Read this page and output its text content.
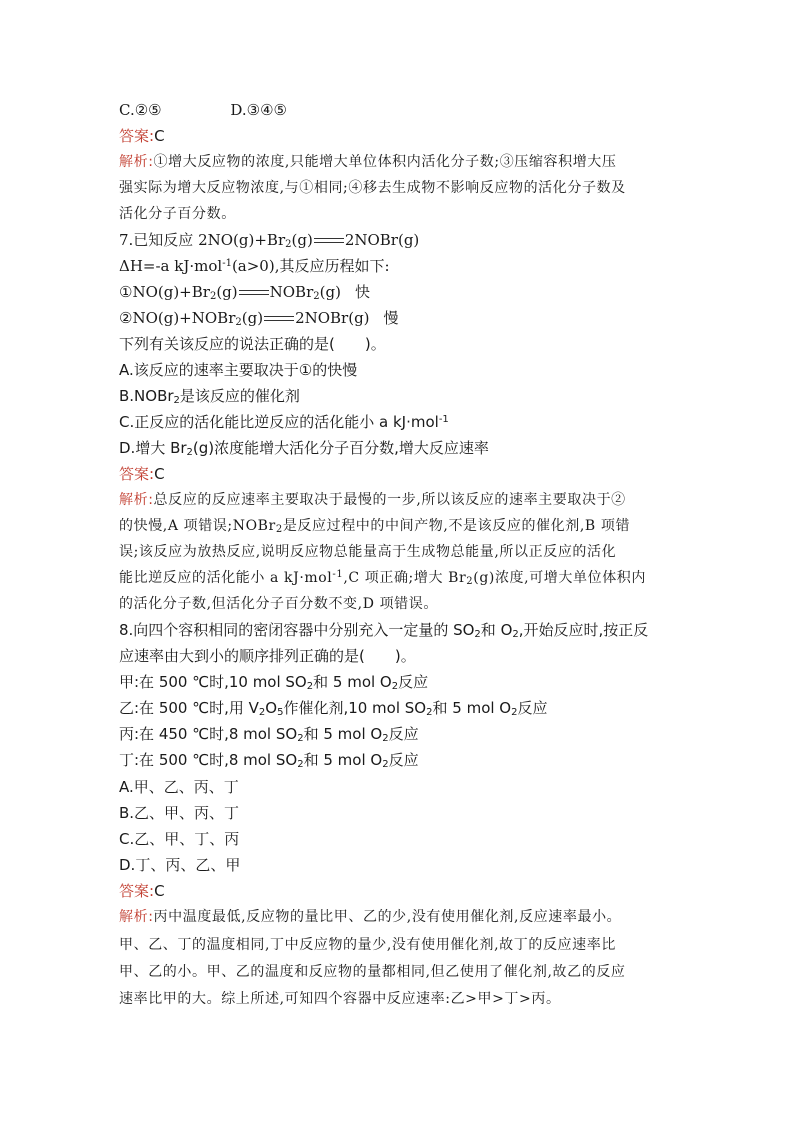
C.②⑤	D.③④⑤
答案:C
解析:①增大反应物的浓度,只能增大单位体积内活化分子数;③压缩容积增大压
强实际为增大反应物浓度,与①相同;④移去生成物不影响反应物的活化分子数及
活化分子百分数。
7.已知反应 $2NO(g)+Br_2(g)$ 2NOBr(g)
ΔH=-a kJ·mol$^{-1}$(a>0),其反应历程如下:
$①NO(g)+Br_2(g)$ NOBr$_2$(g) 快
②NO(g)+NOBr$_2$(g) 2NOBr(g) 慢
下列有关该反应的说法正确的是(　　)。
A.该反应的速率主要取决于①的快慢
B.NOBr$_2$是该反应的催化剂
C.正反应的活化能比逆反应的活化能小 a kJ·mol$^{-1}$
D.增大 $Br_2(g)$浓度能增大活化分子百分数,增大反应速率
答案:C
解析:总反应的反应速率主要取决于最慢的一步,所以该反应的速率主要取决于②
的快慢,A 项错误;NOBr$_2$是反应过程中的中间产物,不是该反应的催化剂,B 项错
误;该反应为放热反应,说明反应物总能量高于生成物总能量,所以正反应的活化
能比逆反应的活化能小 a kJ·mol$^{-1}$,C 项正确;增大 $Br_2(g)$浓度,可增大单位体积内
的活化分子数,但活化分子百分数不变,D 项错误。
8.向四个容积相同的密闭容器中分别充入一定量的 $SO_2$和 $O_2$,开始反应时,按正反
应速率由大到小的顺序排列正确的是(　　)。
甲:在 500 ℃时,10 mol $SO_2$和 5 mol $O_2$反应
乙:在 500 ℃时,用 $V_2O_5$作催化剂,10 mol $SO_2$和 5 mol $O_2$反应
丙:在 450 ℃时,8 mol $SO_2$和 5 mol $O_2$反应
丁:在 500 ℃时,8 mol $SO_2$和 5 mol $O_2$反应
A.甲、乙、丙、丁
B.乙、甲、丙、丁
C.乙、甲、丁、丙
D.丁、丙、乙、甲
答案:C
解析:丙中温度最低,反应物的量比甲、乙的少,没有使用催化剂,反应速率最小。
甲、乙、丁的温度相同,丁中反应物的量少,没有使用催化剂,故丁的反应速率比
甲、乙的小。甲、乙的温度和反应物的量都相同,但乙使用了催化剂,故乙的反应
速率比甲的大。综上所述,可知四个容器中反应速率:乙>甲>丁>丙。
